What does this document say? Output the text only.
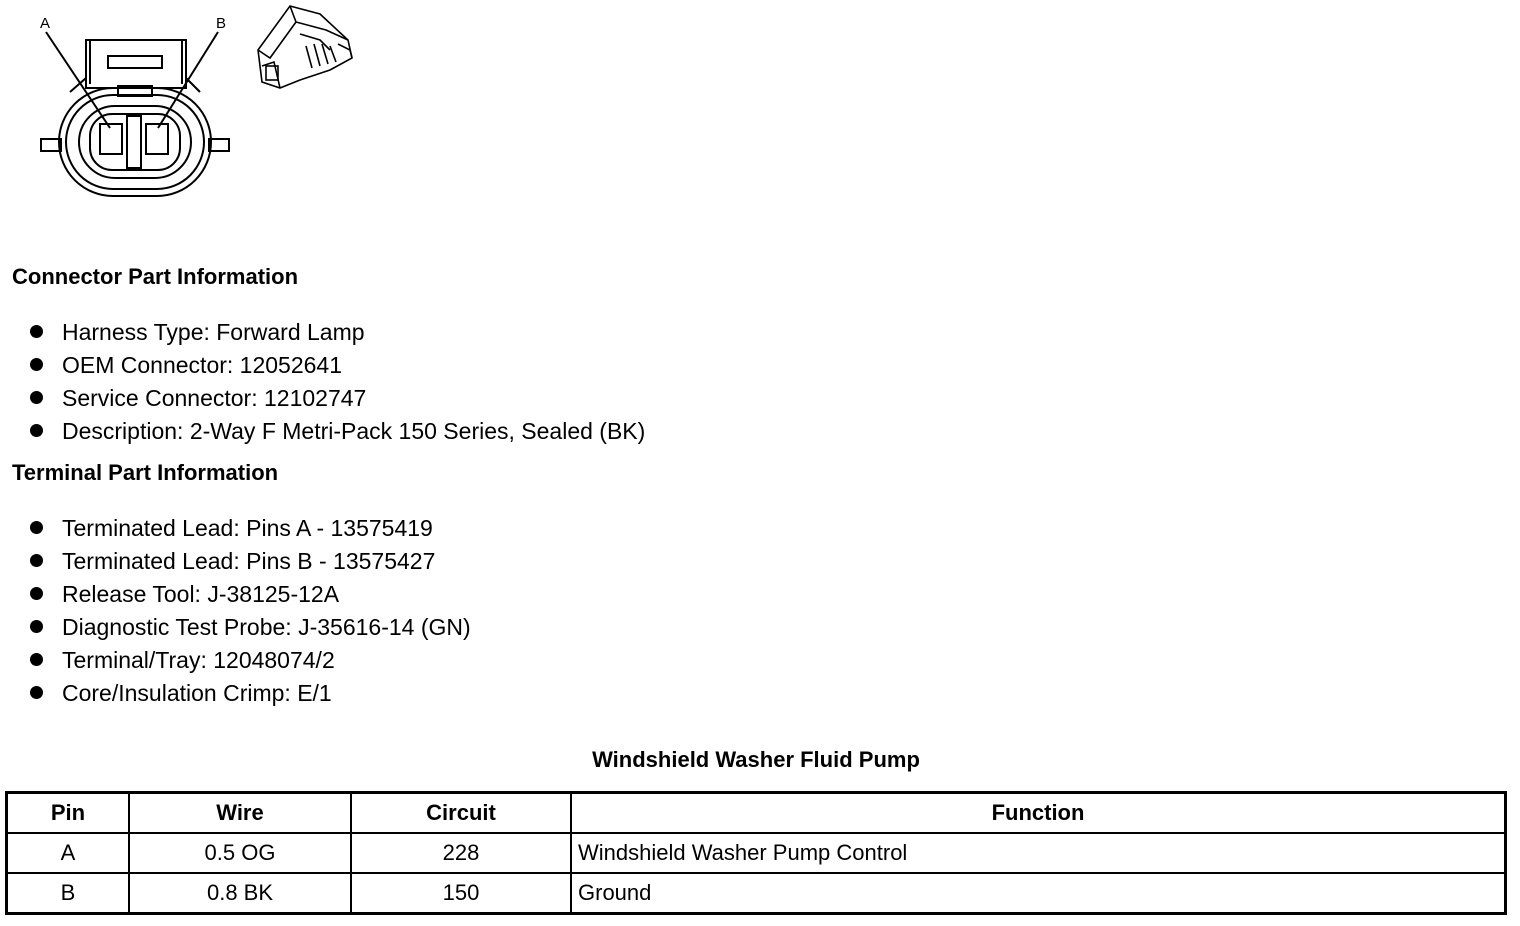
A	B
Connector Part Information
Harness Type: Forward Lamp
OEM Connector: 12052641
Service Connector: 12102747
Description: 2-Way F Metri-Pack 150 Series, Sealed (BK)
Terminal Part Information
Terminated Lead: Pins A - 13575419
Terminated Lead: Pins B - 13575427
Release Tool: J-38125-12A
Diagnostic Test Probe: J-35616-14 (GN)
Terminal/Tray: 12048074/2
Core/Insulation Crimp: E/1
Windshield Washer Fluid Pump
Pin	Wire	Circuit	Function
A	0.5 OG	228	Windshield Washer Pump Control
B	0.8 BK	150	Ground
